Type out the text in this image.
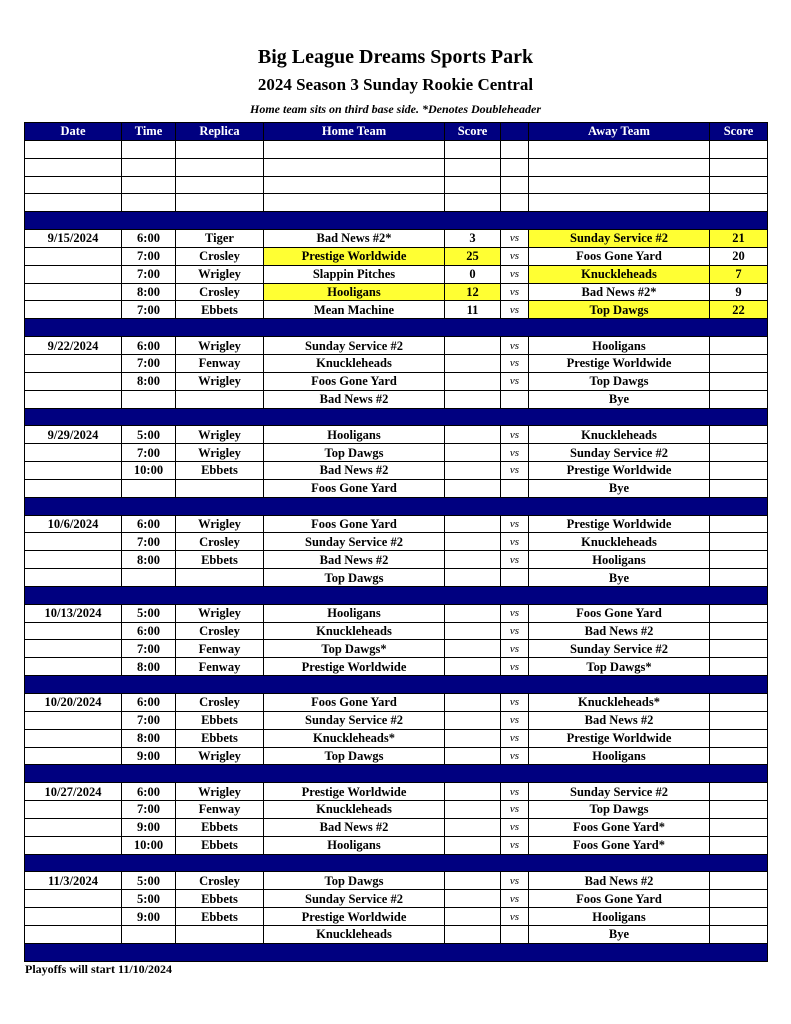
Big League Dreams Sports Park
2024 Season 3 Sunday Rookie Central
Home team sits on third base side. *Denotes Doubleheader
Date	Time	Replica	Home Team	Score		Away Team	Score

9/15/2024	6:00	Tiger	Bad News #2*	3	vs	Sunday Service #2	21
	7:00	Crosley	Prestige Worldwide	25	vs	Foos Gone Yard	20
	7:00	Wrigley	Slappin Pitches	0	vs	Knuckleheads	7
	8:00	Crosley	Hooligans	12	vs	Bad News #2*	9
	7:00	Ebbets	Mean Machine	11	vs	Top Dawgs	22

9/22/2024	6:00	Wrigley	Sunday Service #2		vs	Hooligans	
	7:00	Fenway	Knuckleheads		vs	Prestige Worldwide	
	8:00	Wrigley	Foos Gone Yard		vs	Top Dawgs	
			Bad News #2			Bye	

9/29/2024	5:00	Wrigley	Hooligans		vs	Knuckleheads	
	7:00	Wrigley	Top Dawgs		vs	Sunday Service #2	
	10:00	Ebbets	Bad News #2		vs	Prestige Worldwide	
			Foos Gone Yard			Bye	

10/6/2024	6:00	Wrigley	Foos Gone Yard		vs	Prestige Worldwide	
	7:00	Crosley	Sunday Service #2		vs	Knuckleheads	
	8:00	Ebbets	Bad News #2		vs	Hooligans	
			Top Dawgs			Bye	

10/13/2024	5:00	Wrigley	Hooligans		vs	Foos Gone Yard	
	6:00	Crosley	Knuckleheads		vs	Bad News #2	
	7:00	Fenway	Top Dawgs*		vs	Sunday Service #2	
	8:00	Fenway	Prestige Worldwide		vs	Top Dawgs*	

10/20/2024	6:00	Crosley	Foos Gone Yard		vs	Knuckleheads*	
	7:00	Ebbets	Sunday Service #2		vs	Bad News #2	
	8:00	Ebbets	Knuckleheads*		vs	Prestige Worldwide	
	9:00	Wrigley	Top Dawgs		vs	Hooligans	

10/27/2024	6:00	Wrigley	Prestige Worldwide		vs	Sunday Service #2	
	7:00	Fenway	Knuckleheads		vs	Top Dawgs	
	9:00	Ebbets	Bad News #2		vs	Foos Gone Yard*	
	10:00	Ebbets	Hooligans		vs	Foos Gone Yard*	

11/3/2024	5:00	Crosley	Top Dawgs		vs	Bad News #2	
	5:00	Ebbets	Sunday Service #2		vs	Foos Gone Yard	
	9:00	Ebbets	Prestige Worldwide		vs	Hooligans	
			Knuckleheads			Bye	

Playoffs will start 11/10/2024
